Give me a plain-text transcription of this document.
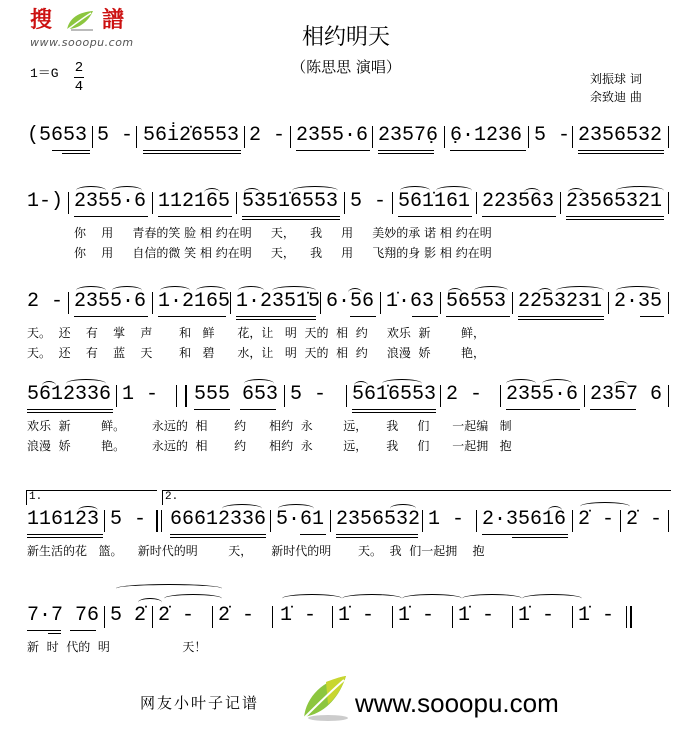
搜 譜
www.sooopu.com	相约明天
（陈思思 演唱）
1＝G 2
4	刘振球 词
余致迪 曲
(5653 5 - 56i̇2̇6553 2 - 2355·6 23576̣ 6̣·1236 5 - 2356532
1-) 2355·6 112165 5351̇6553 5 - 561̇161 223563 23565321
你    用     青春的笑 脸 相 约在明     天，    我     用     美妙的承 诺 相 约在明
你    用     自信的微 笑 相 约在明     天，    我     用     飞翔的身 影 相 约在明
2 - 2355·6 1·2165 1·2351̇5 6·56 1̇·63 56553 2253231 2·35
天。  还    有    掌    声       和   鲜      花，让   明  天的  相  约     欢乐  新        鲜，
天。  还    有    蓝    天       和   碧      水，让   明  天的  相  约     浪漫  娇        艳，
5612336 1 - 555 653 5 - 561̇6553 2 - 2355·6 2357 6
欢乐  新        鲜。       永远的  相       约      相约  永        远，     我     们      一起编   制
浪漫  娇        艳。       永远的  相       约      相约  永        远，     我     们      一起拥   抱
1.	2.
116123 5 - 66612336 5·61 2356532 1 - 2·35616 2̇ - 2̇ -
新生活的花   篮。    新时代的明        天，     新时代的明       天。  我  们一起拥    抱
7·7 76 5 2̇ 2̇ - 2̇ - 1̇ - 1̇ - 1̇ - 1̇ - 1̇ - 1̇ -
新  时  代的  明                   天！
网友小叶子记谱	www.sooopu.com
